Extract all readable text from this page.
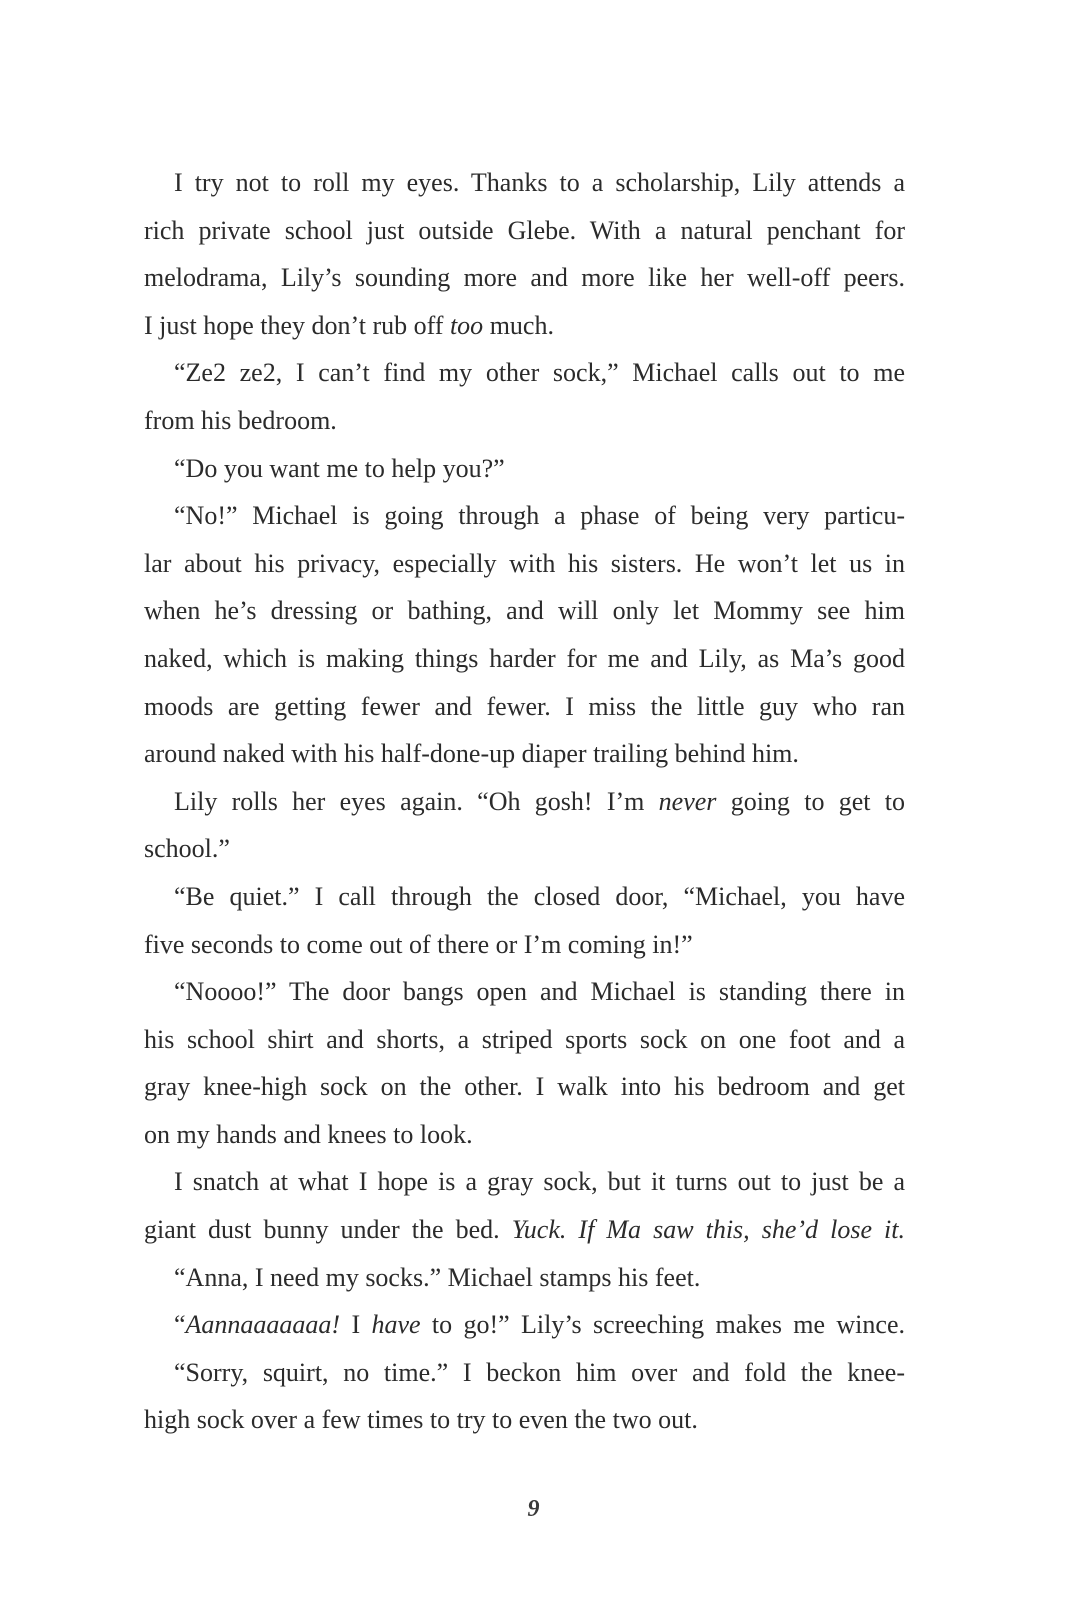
I try not to roll my eyes. Thanks to a scholarship, Lily attends a
rich private school just outside Glebe. With a natural penchant for
melodrama, Lily’s sounding more and more like her well-off peers.
I just hope they don’t rub off too much.
“Ze2 ze2, I can’t find my other sock,” Michael calls out to me
from his bedroom.
“Do you want me to help you?”
“No!” Michael is going through a phase of being very particu-
lar about his privacy, especially with his sisters. He won’t let us in
when he’s dressing or bathing, and will only let Mommy see him
naked, which is making things harder for me and Lily, as Ma’s good
moods are getting fewer and fewer. I miss the little guy who ran
around naked with his half-done-up diaper trailing behind him.
Lily rolls her eyes again. “Oh gosh! I’m never going to get to
school.”
“Be quiet.” I call through the closed door, “Michael, you have
five seconds to come out of there or I’m coming in!”
“Noooo!” The door bangs open and Michael is standing there in
his school shirt and shorts, a striped sports sock on one foot and a
gray knee-high sock on the other. I walk into his bedroom and get
on my hands and knees to look.
I snatch at what I hope is a gray sock, but it turns out to just be a
giant dust bunny under the bed. Yuck. If Ma saw this, she’d lose it.
“Anna, I need my socks.” Michael stamps his feet.
“Aannaaaaaaa! I have to go!” Lily’s screeching makes me wince.
“Sorry, squirt, no time.” I beckon him over and fold the knee-
high sock over a few times to try to even the two out.
9
